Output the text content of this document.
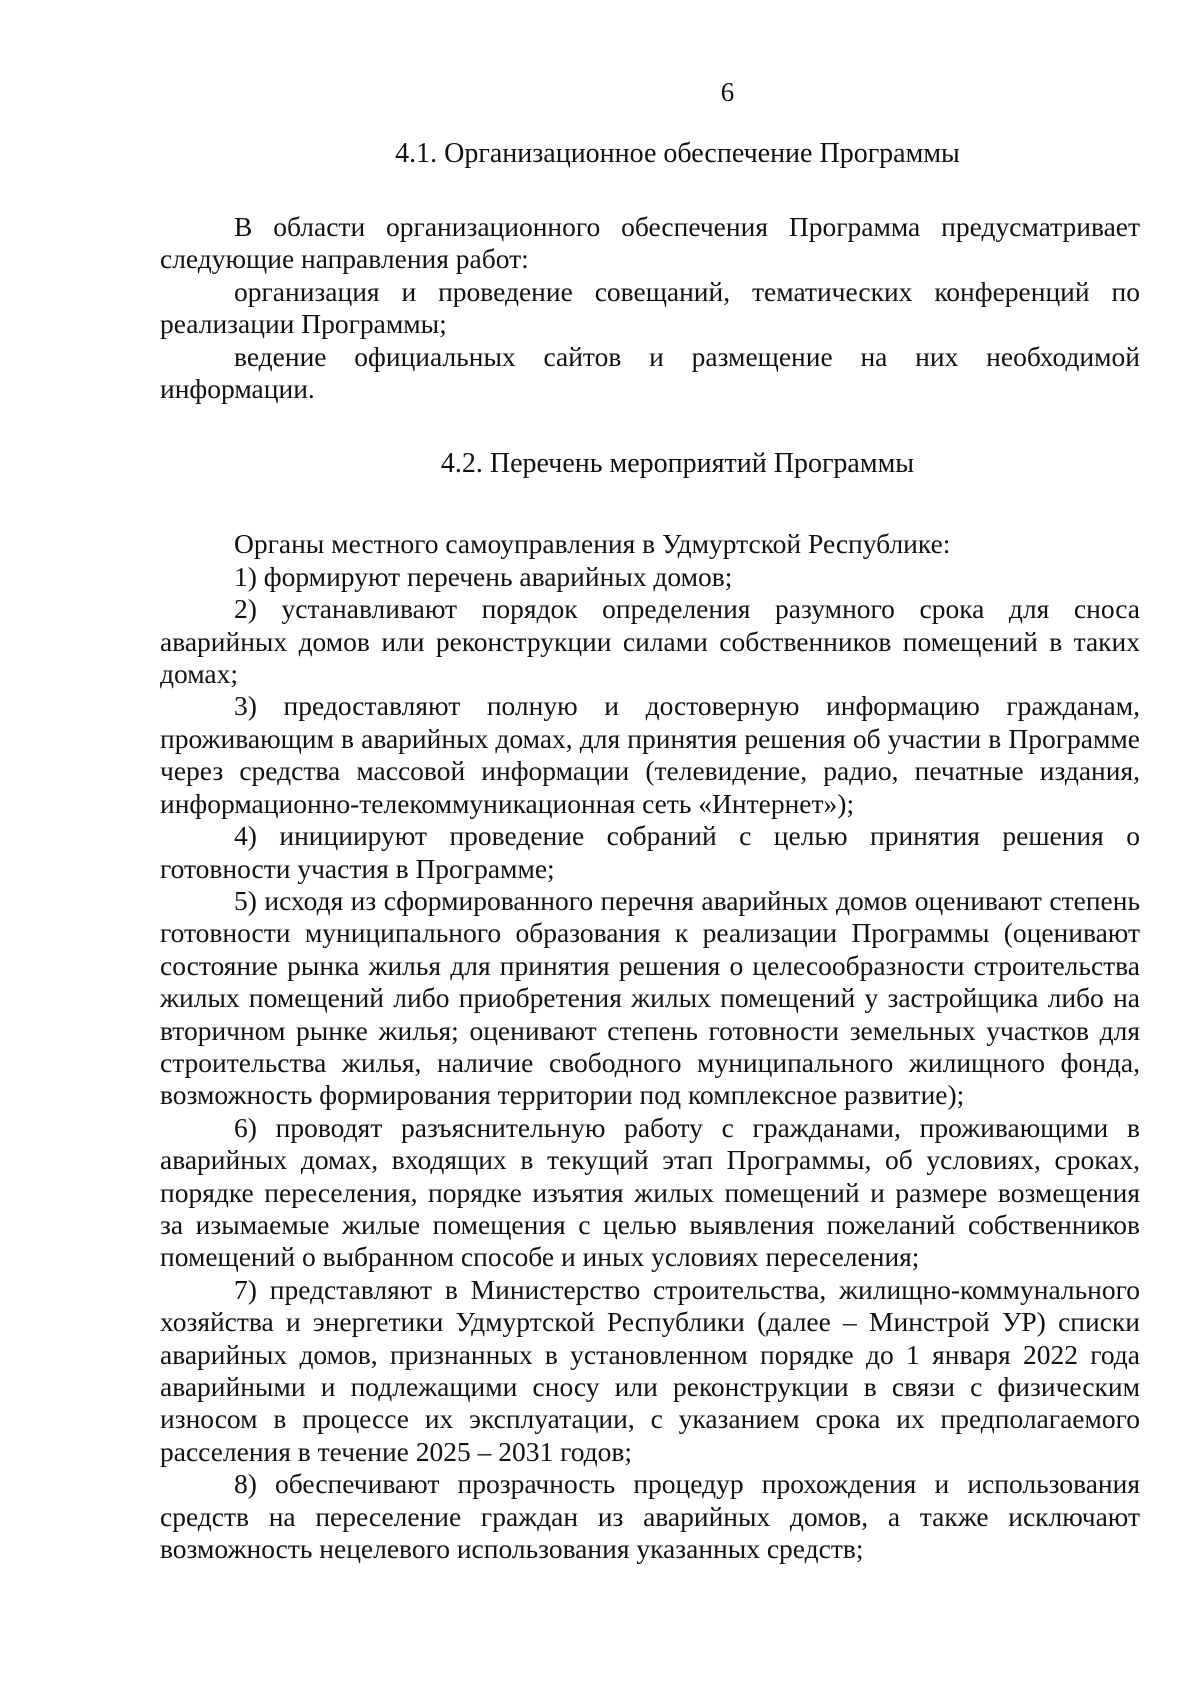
6
4.1. Организационное обеспечение Программы

В области организационного обеспечения Программа предусматривает следующие направления работ:

организация и проведение совещаний, тематических конференций по реализации Программы;

ведение официальных сайтов и размещение на них необходимой информации.

4.2. Перечень мероприятий Программы

Органы местного самоуправления в Удмуртской Республике:

1) формируют перечень аварийных домов;

2) устанавливают порядок определения разумного срока для сноса аварийных домов или реконструкции силами собственников помещений в таких домах;

3) предоставляют полную и достоверную информацию гражданам, проживающим в аварийных домах, для принятия решения об участии в Программе через средства массовой информации (телевидение, радио, печатные издания, информационно-телекоммуникационная сеть «Интернет»);

4) инициируют проведение собраний с целью принятия решения о готовности участия в Программе;

5) исходя из сформированного перечня аварийных домов оценивают степень готовности муниципального образования к реализации Программы (оценивают состояние рынка жилья для принятия решения о целесообразности строительства жилых помещений либо приобретения жилых помещений у застройщика либо на вторичном рынке жилья; оценивают степень готовности земельных участков для строительства жилья, наличие свободного муниципального жилищного фонда, возможность формирования территории под комплексное развитие);

6) проводят разъяснительную работу с гражданами, проживающими в аварийных домах, входящих в текущий этап Программы, об условиях, сроках, порядке переселения, порядке изъятия жилых помещений и размере возмещения за изымаемые жилые помещения с целью выявления пожеланий собственников помещений о выбранном способе и иных условиях переселения;

7) представляют в Министерство строительства, жилищно-коммунального хозяйства и энергетики Удмуртской Республики (далее – Минстрой УР) списки аварийных домов, признанных в установленном порядке до 1 января 2022 года аварийными и подлежащими сносу или реконструкции в связи с физическим износом в процессе их эксплуатации, с указанием срока их предполагаемого расселения в течение 2025 – 2031 годов;

8) обеспечивают прозрачность процедур прохождения и использования средств на переселение граждан из аварийных домов, а также исключают возможность нецелевого использования указанных средств;
